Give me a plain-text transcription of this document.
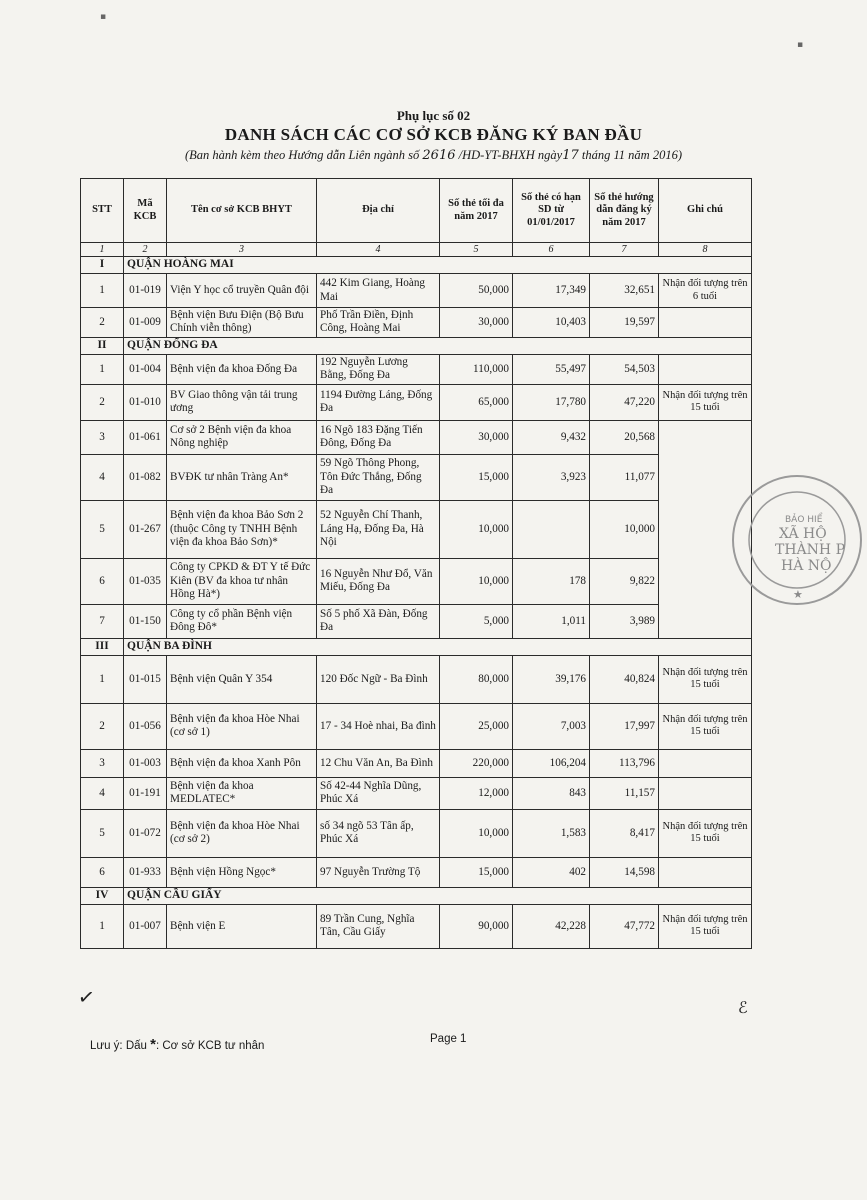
Phụ lục số 02
DANH SÁCH CÁC CƠ SỞ KCB ĐĂNG KÝ BAN ĐẦU
(Ban hành kèm theo Hướng dẫn Liên ngành số 2616 /HD-YT-BHXH ngày17 tháng 11 năm 2016)
STT	Mã KCB	Tên cơ sở KCB BHYT	Địa chỉ	Số thẻ tối đa năm 2017	Số thẻ có hạn SD từ 01/01/2017	Số thẻ hướng dẫn đăng ký năm 2017	Ghi chú
1	2	3	4	5	6	7	8
I	QUẬN HOÀNG MAI						
1	01-019	Viện Y học cổ truyền Quân đội	442 Kim Giang, Hoàng Mai	50,000	17,349	32,651	Nhận đối tượng trên 6 tuổi
2	01-009	Bệnh viện Bưu Điện (Bộ Bưu Chính viễn thông)	Phố Trần Điền, Định Công, Hoàng Mai	30,000	10,403	19,597	
II	QUẬN ĐỐNG ĐA						
1	01-004	Bệnh viện đa khoa Đống Đa	192 Nguyễn Lương Bằng, Đống Đa	110,000	55,497	54,503	
2	01-010	BV Giao thông vận tải trung ương	1194 Đường Láng, Đống Đa	65,000	17,780	47,220	Nhận đối tượng trên 15 tuổi
3	01-061	Cơ sở 2 Bệnh viện đa khoa Nông nghiệp	16 Ngõ 183 Đặng Tiến Đông, Đống Đa	30,000	9,432	20,568	
4	01-082	BVĐK tư nhân Tràng An*	59 Ngõ Thông Phong, Tôn Đức Thắng, Đống Đa	15,000	3,923	11,077	
5	01-267	Bệnh viện đa khoa Bảo Sơn 2 (thuộc Công ty TNHH Bệnh viện đa khoa Bảo Sơn)*	52 Nguyễn Chí Thanh, Láng Hạ, Đống Đa, Hà Nội	10,000		10,000	
6	01-035	Công ty CPKD & ĐT Y tế Đức Kiên (BV đa khoa tư nhân Hồng Hà*)	16 Nguyễn Như Đổ, Văn Miếu, Đống Đa	10,000	178	9,822	
7	01-150	Công ty cổ phần Bệnh viện Đông Đô*	Số 5 phố Xã Đàn, Đống Đa	5,000	1,011	3,989	
III	QUẬN BA ĐÌNH						
1	01-015	Bệnh viện Quân Y 354	120 Đốc Ngữ - Ba Đình	80,000	39,176	40,824	Nhận đối tượng trên 15 tuổi
2	01-056	Bệnh viện đa khoa Hòe Nhai (cơ sở 1)	17 - 34 Hoè nhai, Ba đình	25,000	7,003	17,997	Nhận đối tượng trên 15 tuổi
3	01-003	Bệnh viện đa khoa Xanh Pôn	12 Chu Văn An, Ba Đình	220,000	106,204	113,796	
4	01-191	Bệnh viện đa khoa MEDLATEC*	Số 42-44 Nghĩa Dũng, Phúc Xá	12,000	843	11,157	
5	01-072	Bệnh viện đa khoa Hòe Nhai (cơ sở 2)	số 34 ngõ 53 Tân ấp, Phúc Xá	10,000	1,583	8,417	Nhận đối tượng trên 15 tuổi
6	01-933	Bệnh viện Hồng Ngọc*	97 Nguyễn Trường Tộ	15,000	402	14,598	
IV	QUẬN CẦU GIẤY						
1	01-007	Bệnh viện E	89 Trần Cung, Nghĩa Tân, Cầu Giấy	90,000	42,228	47,772	Nhận đối tượng trên 15 tuổi
Lưu ý: Dấu *: Cơ sở KCB tư nhân
Page 1
BẢO HIỂ
XÃ HỘ
THÀNH P
HÀ NỘ
★
✓	ℰ
▪
▪
